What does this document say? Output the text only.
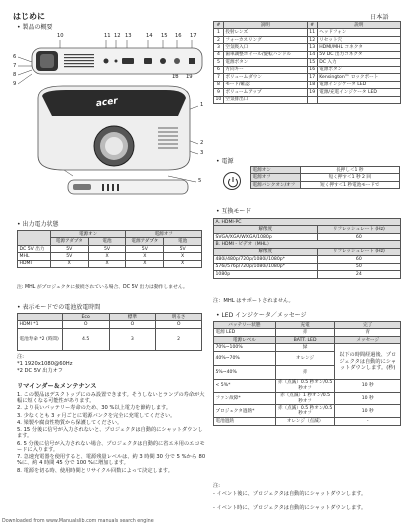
はじめに	日本語
• 製品の概要
10	11 12 13	14 15 16 17
6
7
8
9
18 19
1
2
3
5
acer
#	説明	#	説明
1	投射レンズ	11	ヘッドフォン
2	フォーカスリング	12	リセット穴
3	空気吸入口	13	HDMI/MHL コネクタ
4	歯車調整ホイール/旋転ハンドル	14	5V DC 出力コネクタ
5	電源ボタン	15	DC 入力
6	方向キー	16	電源ボタン
7	ボリュームダウン	17	Kensington™ ロックポート
8	モード/確認	18	電源インジケータ LED
9	ボリュームアップ	19	電源/充電インジケータ LED
10	空気排出口		
• 電源
電源オン	長押し＜1 秒
電源オフ	短く押す＜1 秒 2 回
電源バンクオン/オフ	短く押す＜1 秒電池モードで
• 出力電力状態
	電源オン		電源オフ	
	電源アダプタ	電池	電源アダプタ	電池
DC 5V 出力	5V	5V	5V	5V
MHL	5V	X	X	X
HDMI	X	X	X	X
注: MHL がプロジェクタに接続されている場合、DC 5V 出力は動作しません。
• 表示モードでの電池放電時間
	Eco	標準	明るさ
HDMI *1	O	O	O
電池寿命 *2 (時間)	4.5	3	2
注:
*1 1920x1080@60Hz
*2 DC 5V 出力オフ
リマインダー＆メンテナンス
1. この製品はデスクトップにのみ設置できます。そうしないとランプの寿命が大幅に短くなる可能性があります。
2. より長いバッテリー寿命のため、30 %以上電力を節約します。
3. 少なくとも 3 ヶ月ごとに電源バンクを完全に充電してください。
4. 梁製や腐食性物質から保護してください。
5. 15 分後に信号が入力されないと、プロジェクタは自動的にシャットダウンします。
6. 5 分後に信号が入力されない場合、プロジェクタは自動的に省エネ用のエコモードに入ります。
7. 急速充電器を使用すると、電源残量レベルは、約 3 時間 30 分で 5 %から 80 %に、約 4 時間 45 分で 100 %に増加します。
8. 電源を切る時、使用時間とリサイクル回数によって決定します。
• 互換モード
A. HDMI-PC	
解像度	リフレッシュレート (Hz)
SVGA/XGA/WXGA/1080p	60
B. HDMI - ビデオ（MHL）	
解像度	リフレッシュレート (Hz)
480i/480p/720p/1080i/1080p*	60
576i/576p/720p/1080i/1080p*	50
1080p	24
注：MHL はサポートされません。
• LED インジケータ／メッセージ
バッテリー状態	充電	完了
電源 LED	赤	青
電源レベル	BATT. LED	メッセージ
70%~100%	緑	以下の時間経過後、プロジェクタは自動的にシャットダウンします。(秒)
40%~70%	オレンジ	
5%~40%	赤	
< 5%*	赤（点滅）0.5 秒オン/0.5 秒オフ	10 秒
ファン故障*	赤（点滅）1 秒オン/0.5 秒オフ	10 秒
プロジェクタ過熱*	赤（点滅）0.5 秒オン/0.5 秒オフ	10 秒
電池過熱	オレンジ（点滅）	-
注:
- イベント後に、プロジェクタは自動的にシャットダウンします。
- イベント時に、プロジェクタは自動的にシャットダウンします。
Downloaded from www.Manualslib.com manuals search engine
